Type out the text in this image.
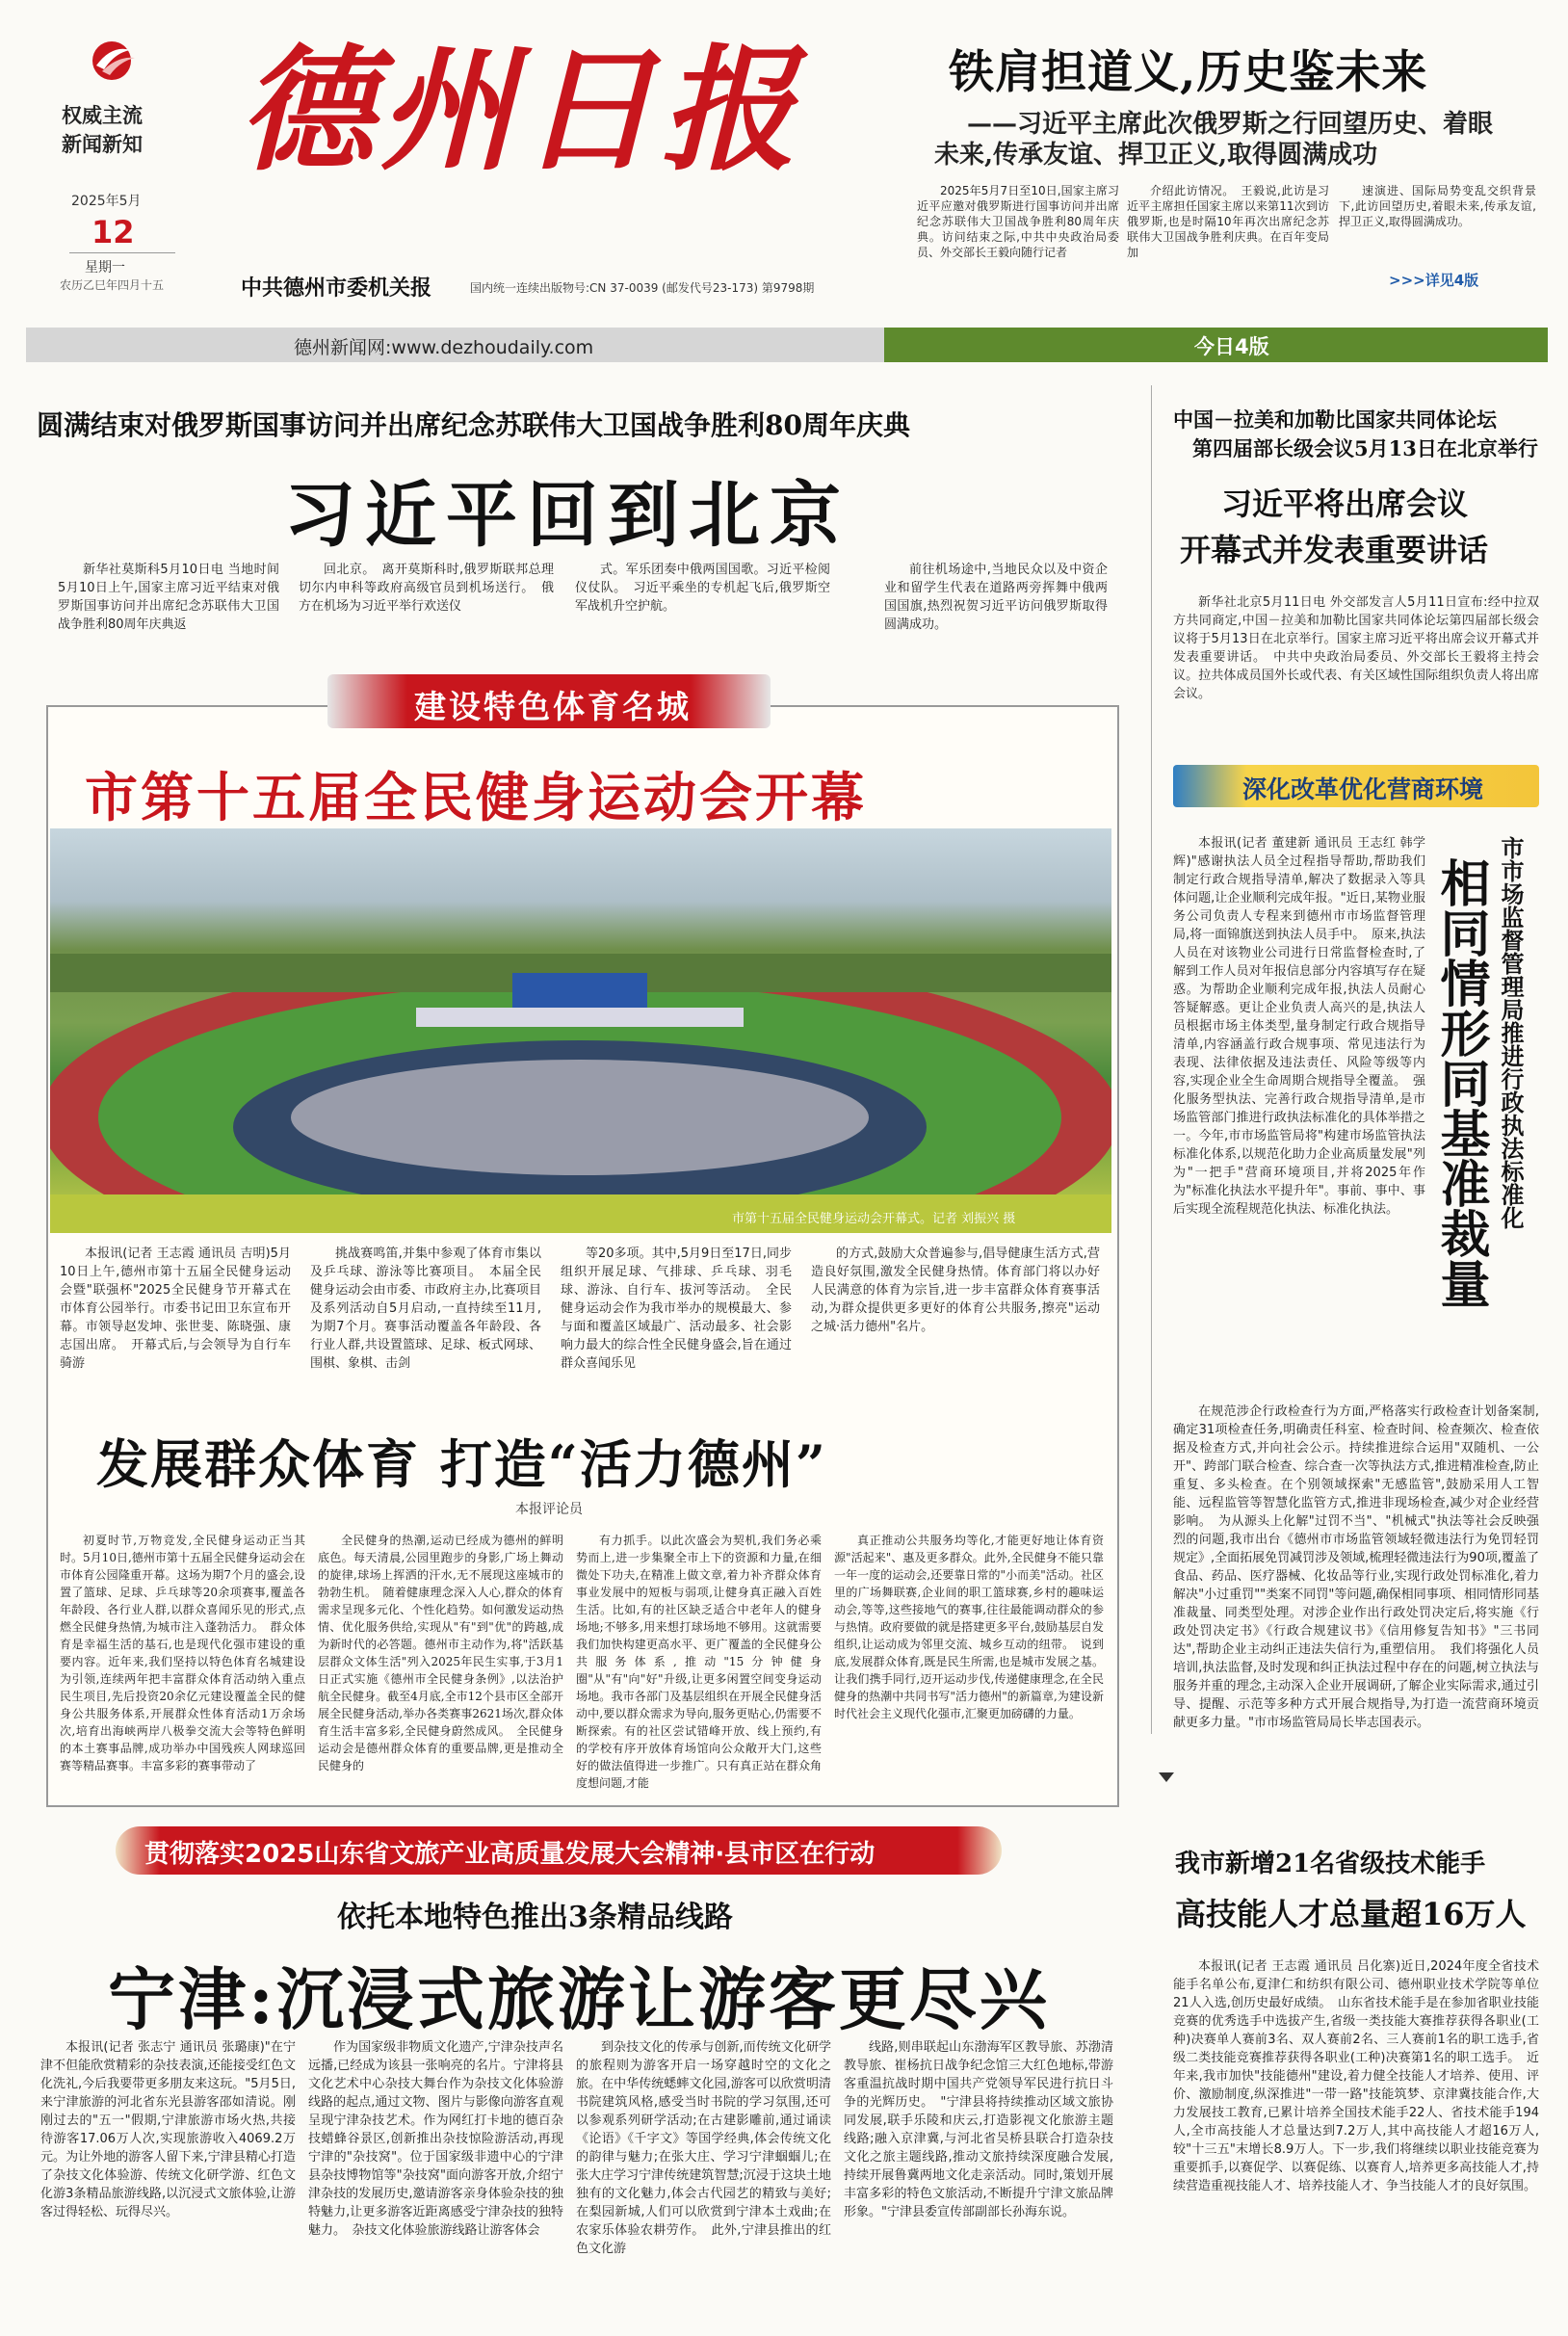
权威主流
新闻新知 德州日报
2025年5月
12
星期一
农历乙巳年四月十五	中共德州市委机关报	国内统一连续出版物号:CN 37-0039 (邮发代号23-173) 第9798期
铁肩担道义,历史鉴未来
——习近平主席此次俄罗斯之行回望历史、着眼
未来,传承友谊、捍卫正义,取得圆满成功

2025年5月7日至10日,国家主席习近平应邀对俄罗斯进行国事访问并出席纪念苏联伟大卫国战争胜利80周年庆典。访问结束之际,中共中央政治局委员、外交部长王毅向随行记者

介绍此访情况。　王毅说,此访是习近平主席担任国家主席以来第11次到访俄罗斯,也是时隔10年再次出席纪念苏联伟大卫国战争胜利庆典。在百年变局加

速演进、国际局势变乱交织背景下,此访回望历史,着眼未来,传承友谊,捍卫正义,取得圆满成功。

>>>详见4版
德州新闻网:www.dezhoudaily.com	今日4版
圆满结束对俄罗斯国事访问并出席纪念苏联伟大卫国战争胜利80周年庆典
习近平回到北京

新华社莫斯科5月10日电 当地时间5月10日上午,国家主席习近平结束对俄罗斯国事访问并出席纪念苏联伟大卫国战争胜利80周年庆典返

回北京。　离开莫斯科时,俄罗斯联邦总理切尔内申科等政府高级官员到机场送行。　俄方在机场为习近平举行欢送仪

式。军乐团奏中俄两国国歌。习近平检阅仪仗队。　习近平乘坐的专机起飞后,俄罗斯空军战机升空护航。

前往机场途中,当地民众以及中资企业和留学生代表在道路两旁挥舞中俄两国国旗,热烈祝贺习近平访问俄罗斯取得圆满成功。

中国－拉美和加勒比国家共同体论坛
第四届部长级会议5月13日在北京举行
习近平将出席会议
开幕式并发表重要讲话

新华社北京5月11日电 外交部发言人5月11日宣布:经中拉双方共同商定,中国－拉美和加勒比国家共同体论坛第四届部长级会议将于5月13日在北京举行。国家主席习近平将出席会议开幕式并发表重要讲话。　中共中央政治局委员、外交部长王毅将主持会议。拉共体成员国外长或代表、有关区域性国际组织负责人将出席会议。

建设特色体育名城
市第十五届全民健身运动会开幕
市第十五届全民健身运动会开幕式。记者 刘振兴 摄

本报讯(记者 王志霞 通讯员 吉明)5月10日上午,德州市第十五届全民健身运动会暨"联强杯"2025全民健身节开幕式在市体育公园举行。市委书记田卫东宣布开幕。市领导赵发坤、张世斐、陈晓强、康志国出席。　开幕式后,与会领导为自行车骑游

挑战赛鸣笛,并集中参观了体育市集以及乒乓球、游泳等比赛项目。　本届全民健身运动会由市委、市政府主办,比赛项目及系列活动自5月启动,一直持续至11月,为期7个月。赛事活动覆盖各年龄段、各行业人群,共设置篮球、足球、板式网球、围棋、象棋、击剑

等20多项。其中,5月9日至17日,同步组织开展足球、气排球、乒乓球、羽毛球、游泳、自行车、拔河等活动。　全民健身运动会作为我市举办的规模最大、参与面和覆盖区域最广、活动最多、社会影响力最大的综合性全民健身盛会,旨在通过群众喜闻乐见

的方式,鼓励大众普遍参与,倡导健康生活方式,营造良好氛围,激发全民健身热情。体育部门将以办好人民满意的体育为宗旨,进一步丰富群众体育赛事活动,为群众提供更多更好的体育公共服务,擦亮"运动之城·活力德州"名片。

发展群众体育 打造“活力德州”
本报评论员

初夏时节,万物竞发,全民健身运动正当其时。5月10日,德州市第十五届全民健身运动会在市体育公园隆重开幕。这场为期7个月的盛会,设置了篮球、足球、乒乓球等20余项赛事,覆盖各年龄段、各行业人群,以群众喜闻乐见的形式,点燃全民健身热情,为城市注入蓬勃活力。　群众体育是幸福生活的基石,也是现代化强市建设的重要内容。近年来,我们坚持以特色体育名城建设为引领,连续两年把丰富群众体育活动纳入重点民生项目,先后投资20余亿元建设覆盖全民的健身公共服务体系,开展群众性体育活动1万余场次,培育出海峡两岸八极拳交流大会等特色鲜明的本土赛事品牌,成功举办中国残疾人网球巡回赛等精品赛事。丰富多彩的赛事带动了

全民健身的热潮,运动已经成为德州的鲜明底色。每天清晨,公园里跑步的身影,广场上舞动的旋律,球场上挥洒的汗水,无不展现这座城市的勃勃生机。　随着健康理念深入人心,群众的体育需求呈现多元化、个性化趋势。如何激发运动热情、优化服务供给,实现从"有"到"优"的跨越,成为新时代的必答题。德州市主动作为,将"活跃基层群众文体生活"列入2025年民生实事,于3月1日正式实施《德州市全民健身条例》,以法治护航全民健身。截至4月底,全市12个县市区全部开展全民健身活动,举办各类赛事2621场次,群众体育生活丰富多彩,全民健身蔚然成风。　全民健身运动会是德州群众体育的重要品牌,更是推动全民健身的

有力抓手。以此次盛会为契机,我们务必乘势而上,进一步集聚全市上下的资源和力量,在细微处下功夫,在精准上做文章,着力补齐群众体育事业发展中的短板与弱项,让健身真正融入百姓生活。比如,有的社区缺乏适合中老年人的健身场地;不够多,用来想打球场地不够用。这就需要我们加快构建更高水平、更广覆盖的全民健身公共服务体系,推动"15分钟健身圈"从"有"向"好"升级,让更多闲置空间变身运动场地。我市各部门及基层组织在开展全民健身活动中,要以群众需求为导向,服务更贴心,仍需要不断探索。有的社区尝试错峰开放、线上预约,有的学校有序开放体育场馆向公众敞开大门,这些好的做法值得进一步推广。只有真正站在群众角度想问题,才能

真正推动公共服务均等化,才能更好地让体育资源"活起来"、惠及更多群众。此外,全民健身不能只靠一年一度的运动会,还要靠日常的"小而美"活动。社区里的广场舞联赛,企业间的职工篮球赛,乡村的趣味运动会,等等,这些接地气的赛事,往往最能调动群众的参与热情。政府要做的就是搭建更多平台,鼓励基层自发组织,让运动成为邻里交流、城乡互动的纽带。　说到底,发展群众体育,既是民生所需,也是城市发展之基。让我们携手同行,迈开运动步伐,传递健康理念,在全民健身的热潮中共同书写"活力德州"的新篇章,为建设新时代社会主义现代化强市,汇聚更加磅礴的力量。

深化改革优化营商环境

本报讯(记者 董建新 通讯员 王志红 韩学辉)"感谢执法人员全过程指导帮助,帮助我们制定行政合规指导清单,解决了数据录入等具体问题,让企业顺利完成年报。"近日,某物业服务公司负责人专程来到德州市市场监督管理局,将一面锦旗送到执法人员手中。　原来,执法人员在对该物业公司进行日常监督检查时,了解到工作人员对年报信息部分内容填写存在疑惑。为帮助企业顺利完成年报,执法人员耐心答疑解惑。更让企业负责人高兴的是,执法人员根据市场主体类型,量身制定行政合规指导清单,内容涵盖行政合规事项、常见违法行为表现、法律依据及违法责任、风险等级等内容,实现企业全生命周期合规指导全覆盖。　强化服务型执法、完善行政合规指导清单,是市场监管部门推进行政执法标准化的具体举措之一。今年,市市场监管局将"构建市场监管执法标准化体系,以规范化助力企业高质量发展"列为"一把手"营商环境项目,并将2025年作为"标准化执法水平提升年"。事前、事中、事后实现全流程规范化执法、标准化执法。	市市场监督管理局推进行政执法标准化
相同情形同基准裁量

在规范涉企行政检查行为方面,严格落实行政检查计划备案制,确定31项检查任务,明确责任科室、检查时间、检查频次、检查依据及检查方式,并向社会公示。持续推进综合运用"双随机、一公开"、跨部门联合检查、综合查一次等执法方式,推进精准检查,防止重复、多头检查。在个别领域探索"无感监管",鼓励采用人工智能、远程监管等智慧化监管方式,推进非现场检查,减少对企业经营影响。　为从源头上化解"过罚不当"、"机械式"执法等社会反映强烈的问题,我市出台《德州市市场监管领域轻微违法行为免罚轻罚规定》,全面拓展免罚减罚涉及领域,梳理轻微违法行为90项,覆盖了食品、药品、医疗器械、化妆品等行业,实现行政处罚标准化,着力解决"小过重罚""类案不同罚"等问题,确保相同事项、相同情形同基准裁量、同类型处理。对涉企业作出行政处罚决定后,将实施《行政处罚决定书》《行政合规建议书》《信用修复告知书》"三书同达",帮助企业主动纠正违法失信行为,重塑信用。　我们将强化人员培训,执法监督,及时发现和纠正执法过程中存在的问题,树立执法与服务并重的理念,主动深入企业开展调研,了解企业实际需求,通过引导、提醒、示范等多种方式开展合规指导,为打造一流营商环境贡献更多力量。"市市场监管局局长毕志国表示。

贯彻落实2025山东省文旅产业高质量发展大会精神·县市区在行动
依托本地特色推出3条精品线路
宁津:沉浸式旅游让游客更尽兴

本报讯(记者 张志宁 通讯员 张璐康)"在宁津不但能欣赏精彩的杂技表演,还能接受红色文化洗礼,今后我要带更多朋友来这玩。"5月5日,来宁津旅游的河北省东光县游客邵如清说。刚刚过去的"五一"假期,宁津旅游市场火热,共接待游客17.06万人次,实现旅游收入4069.2万元。为让外地的游客人留下来,宁津县精心打造了杂技文化体验游、传统文化研学游、红色文化游3条精品旅游线路,以沉浸式文旅体验,让游客过得轻松、玩得尽兴。

作为国家级非物质文化遗产,宁津杂技声名远播,已经成为该县一张响亮的名片。宁津将县文化艺术中心杂技大舞台作为杂技文化体验游线路的起点,通过文物、图片与影像向游客直观呈现宁津杂技艺术。作为网红打卡地的德百杂技蜡蜂谷景区,创新推出杂技惊险游活动,再现宁津的"杂技窝"。位于国家级非遗中心的宁津县杂技博物馆等"杂技窝"面向游客开放,介绍宁津杂技的发展历史,邀请游客亲身体验杂技的独特魅力,让更多游客近距离感受宁津杂技的独特魅力。　杂技文化体验旅游线路让游客体会

到杂技文化的传承与创新,而传统文化研学的旅程则为游客开启一场穿越时空的文化之旅。在中华传统蟋蟀文化园,游客可以欣赏明清书院建筑风格,感受当时书院的学习氛围,还可以参观系列研学活动;在古建影雕前,通过诵读《论语》《千字文》等国学经典,体会传统文化的韵律与魅力;在张大庄、学习宁津蝈蝈儿;在张大庄学习宁津传统建筑智慧;沉浸于这块土地独有的文化魅力,体会古代园艺的精致与美好;在梨园新城,人们可以欣赏到宁津本土戏曲;在农家乐体验农耕劳作。　此外,宁津县推出的红色文化游

线路,则串联起山东渤海军区教导旅、苏渤清教导旅、崔杨抗日战争纪念馆三大红色地标,带游客重温抗战时期中国共产党领导军民进行抗日斗争的光辉历史。　"宁津县将持续推动区域文旅协同发展,联手乐陵和庆云,打造影视文化旅游主题线路;融入京津冀,与河北省吴桥县联合打造杂技文化之旅主题线路,推动文旅持续深度融合发展,持续开展鲁冀两地文化走亲活动。同时,策划开展丰富多彩的特色文旅活动,不断提升宁津文旅品牌形象。"宁津县委宣传部副部长孙海东说。

我市新增21名省级技术能手
高技能人才总量超16万人

本报讯(记者 王志霞 通讯员 吕化寨)近日,2024年度全省技术能手名单公布,夏津仁和纺织有限公司、德州职业技术学院等单位21人入选,创历史最好成绩。　山东省技术能手是在参加省职业技能竞赛的优秀选手中选拔产生,省级一类技能大赛推荐获得各职业(工种)决赛单人赛前3名、双人赛前2名、三人赛前1名的职工选手,省级二类技能竞赛推荐获得各职业(工种)决赛第1名的职工选手。　近年来,我市加快"技能德州"建设,着力健全技能人才培养、使用、评价、激励制度,纵深推进"一带一路"技能筑梦、京津冀技能合作,大力发展技工教育,已累计培养全国技术能手22人、省技术能手194人,全市高技能人才总量达到7.2万人,其中高技能人才超16万人,较"十三五"末增长8.9万人。下一步,我们将继续以职业技能竞赛为重要抓手,以赛促学、以赛促练、以赛育人,培养更多高技能人才,持续营造重视技能人才、培养技能人才、争当技能人才的良好氛围。
